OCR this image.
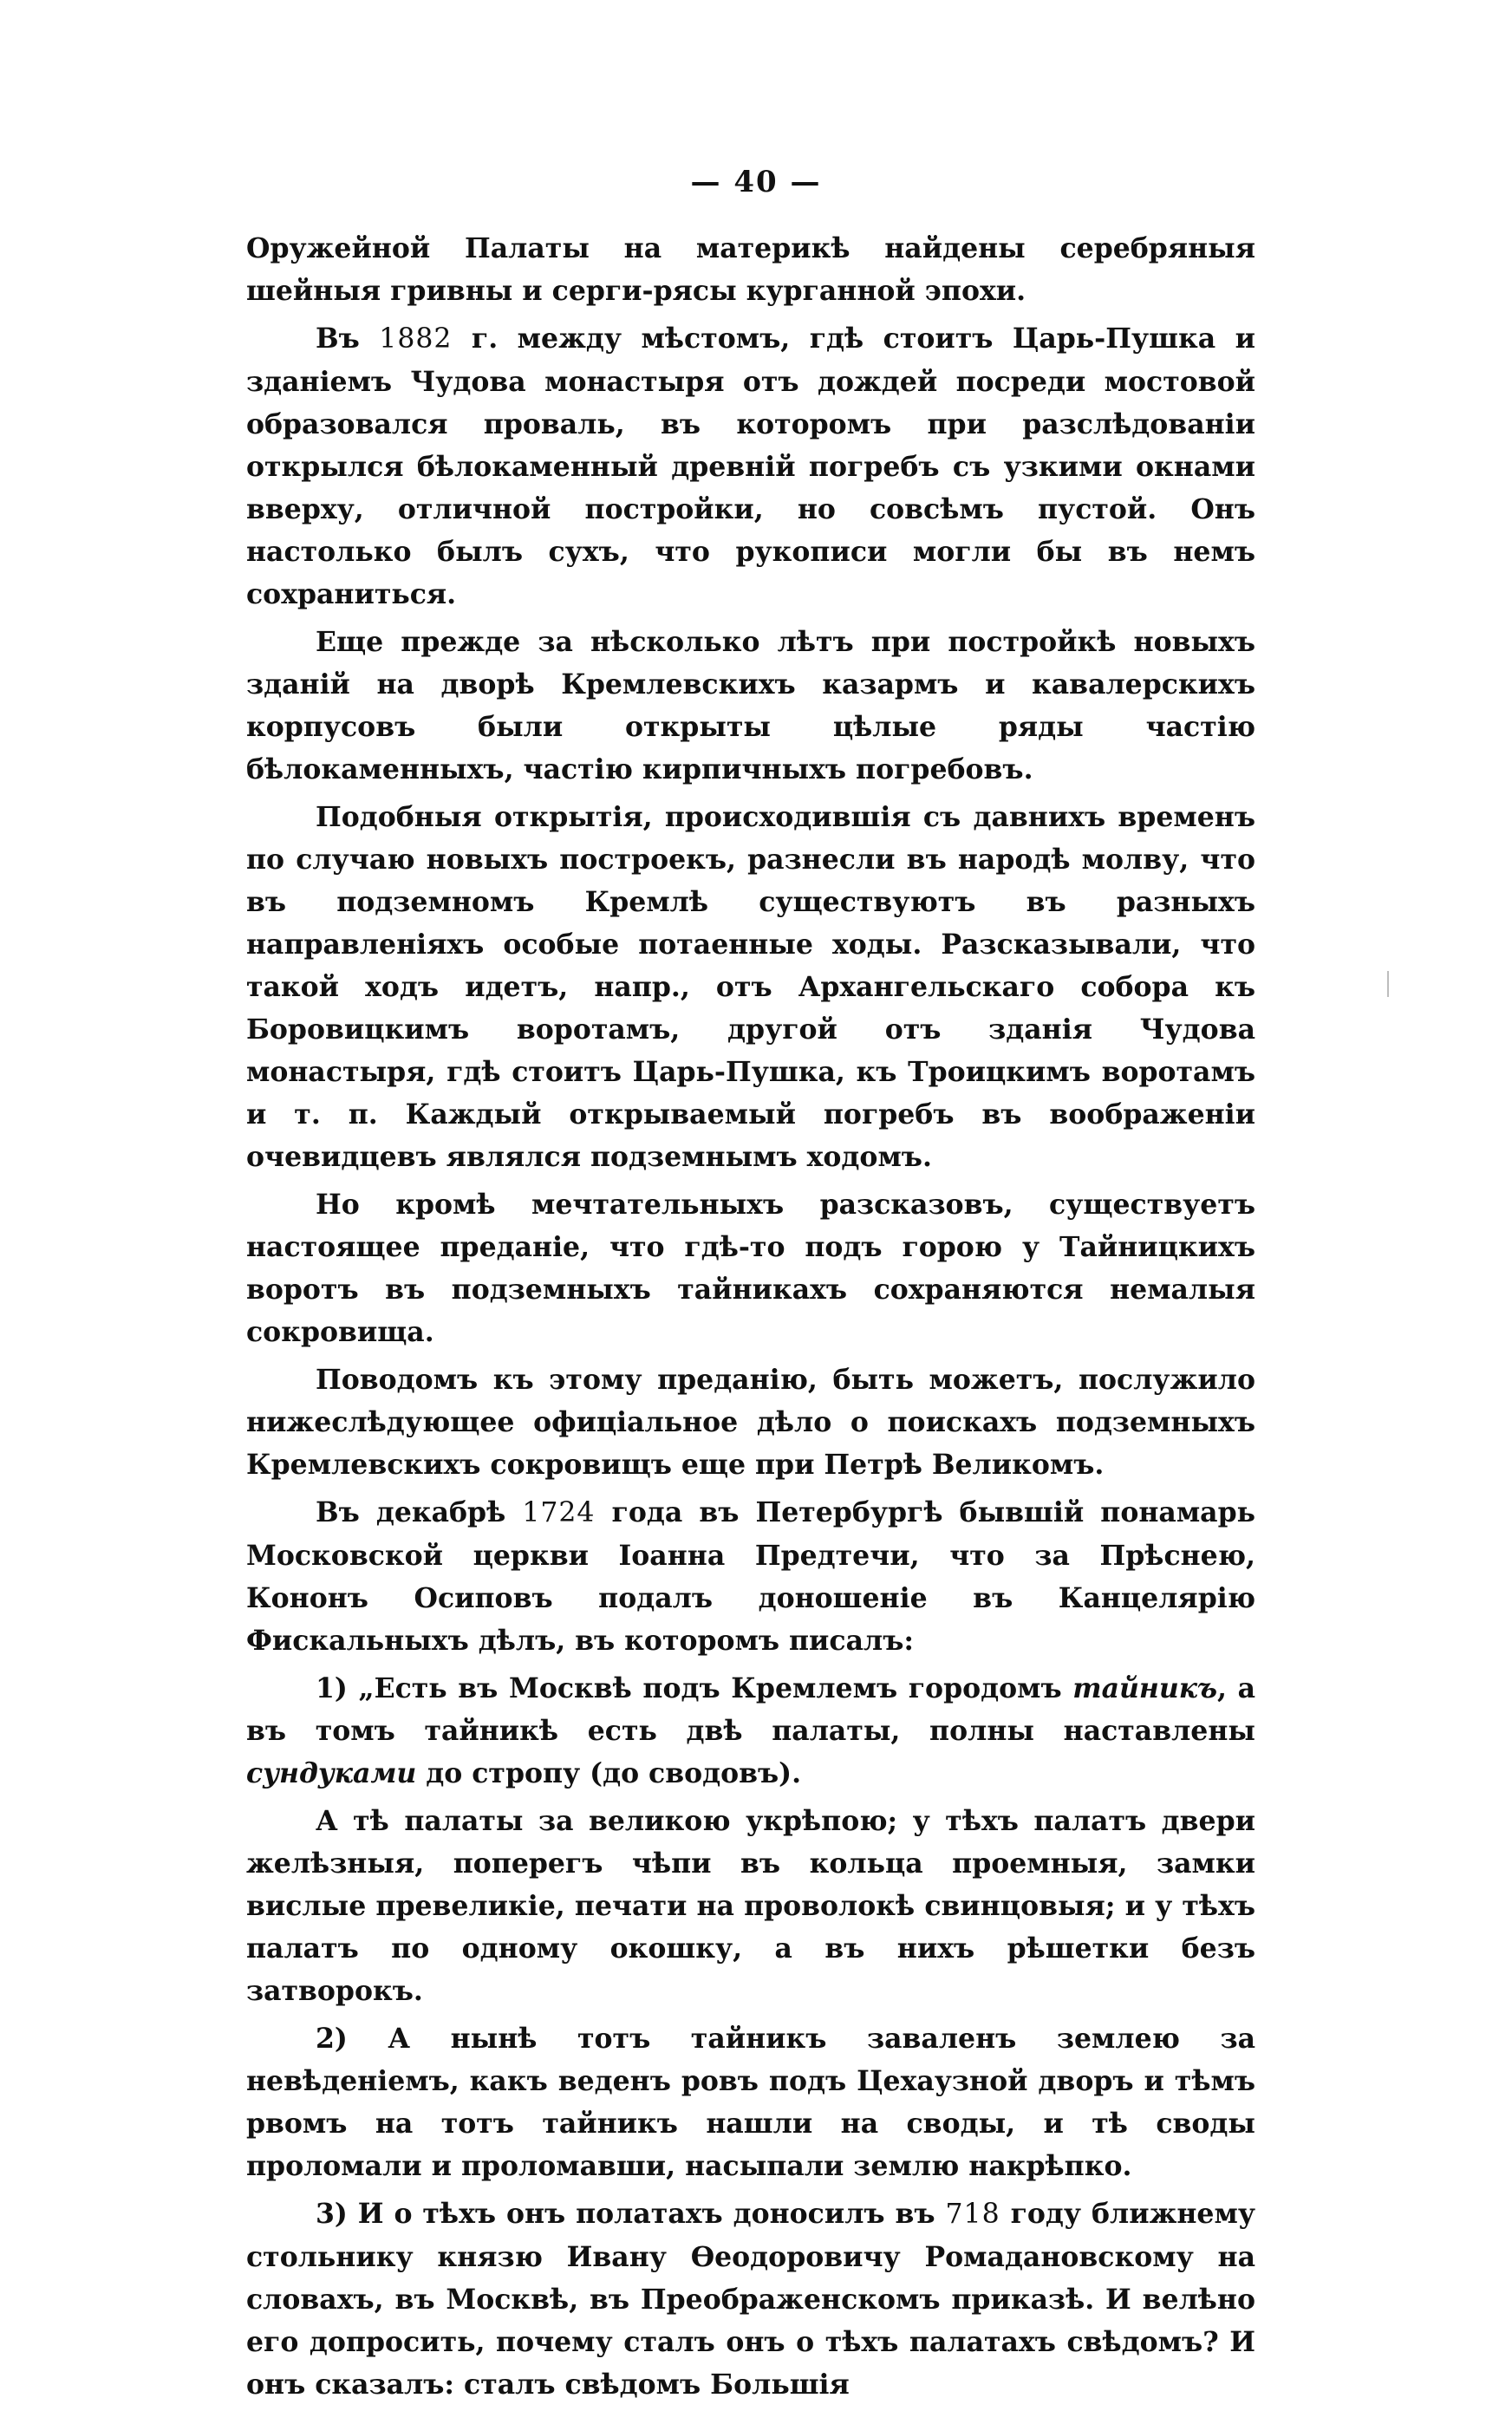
— 40 —

Оружейной Палаты на материкѣ найдены серебряныя шейныя гривны и серги-рясы курганной эпохи.

Въ 1882 г. между мѣстомъ, гдѣ стоитъ Царь-Пушка и зданіемъ Чудова монастыря отъ дождей посреди мостовой образовался проваль, въ которомъ при разслѣдованіи открылся бѣлокаменный древній погребъ съ узкими окнами вверху, отличной постройки, но совсѣмъ пустой. Онъ настолько былъ сухъ, что рукописи могли бы въ немъ сохраниться.

Еще прежде за нѣсколько лѣтъ при постройкѣ новыхъ зданій на дворѣ Кремлевскихъ казармъ и кавалерскихъ корпусовъ были открыты цѣлые ряды частію бѣлокаменныхъ, частію кирпичныхъ погребовъ.

Подобныя открытія, происходившія съ давнихъ временъ по случаю новыхъ построекъ, разнесли въ народѣ молву, что въ подземномъ Кремлѣ существуютъ въ разныхъ направленіяхъ особые потаенные ходы. Разсказывали, что такой ходъ идетъ, напр., отъ Архангельскаго собора къ Боровицкимъ воротамъ, другой отъ зданія Чудова монастыря, гдѣ стоитъ Царь-Пушка, къ Троицкимъ воротамъ и т. п. Каждый открываемый погребъ въ воображеніи очевидцевъ являлся подземнымъ ходомъ.

Но кромѣ мечтательныхъ разсказовъ, существуетъ настоящее преданіе, что гдѣ-то подъ горою у Тайницкихъ воротъ въ подземныхъ тайникахъ сохраняются немалыя сокровища.

Поводомъ къ этому преданію, быть можетъ, послужило нижеслѣдующее офиціальное дѣло о поискахъ подземныхъ Кремлевскихъ сокровищъ еще при Петрѣ Великомъ.

Въ декабрѣ 1724 года въ Петербургѣ бывшій понамарь Московской церкви Іоанна Предтечи, что за Прѣснею, Кононъ Осиповъ подалъ доношеніе въ Канцелярію Фискальныхъ дѣлъ, въ которомъ писалъ:

1) „Есть въ Москвѣ подъ Кремлемъ городомъ тайникъ, а въ томъ тайникѣ есть двѣ палаты, полны наставлены сундуками до стропу (до сводовъ).

А тѣ палаты за великою укрѣпою; у тѣхъ палатъ двери желѣзныя, поперегъ чѣпи въ кольца проемныя, замки вислые превеликіе, печати на проволокѣ свинцовыя; и у тѣхъ палатъ по одному окошку, а въ нихъ рѣшетки безъ затворокъ.

2) А нынѣ тотъ тайникъ заваленъ землею за невѣденіемъ, какъ веденъ ровъ подъ Цехаузной дворъ и тѣмъ рвомъ на тотъ тайникъ нашли на своды, и тѣ своды проломали и проломавши, насыпали землю накрѣпко.

3) И о тѣхъ онъ полатахъ доносилъ въ 718 году ближнему стольнику князю Ивану Ѳеодоровичу Ромадановскому на словахъ, въ Москвѣ, въ Преображенскомъ приказѣ. И велѣно его допросить, почему сталъ онъ о тѣхъ палатахъ свѣдомъ? И онъ сказалъ: сталъ свѣдомъ Большія
